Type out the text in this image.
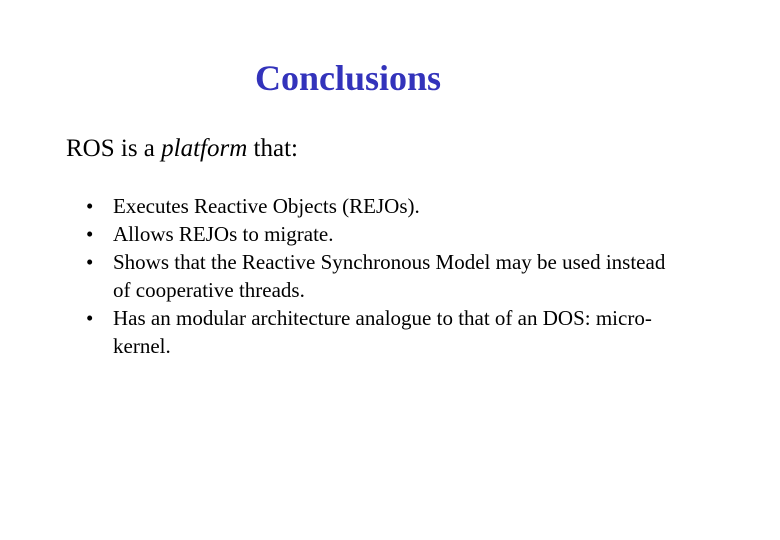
Conclusions
ROS is a platform that:
• Executes Reactive Objects (REJOs).
• Allows REJOs to migrate.
• Shows that the Reactive Synchronous Model may be used instead
of cooperative threads.
• Has an modular architecture analogue to that of an DOS: micro-
kernel.
